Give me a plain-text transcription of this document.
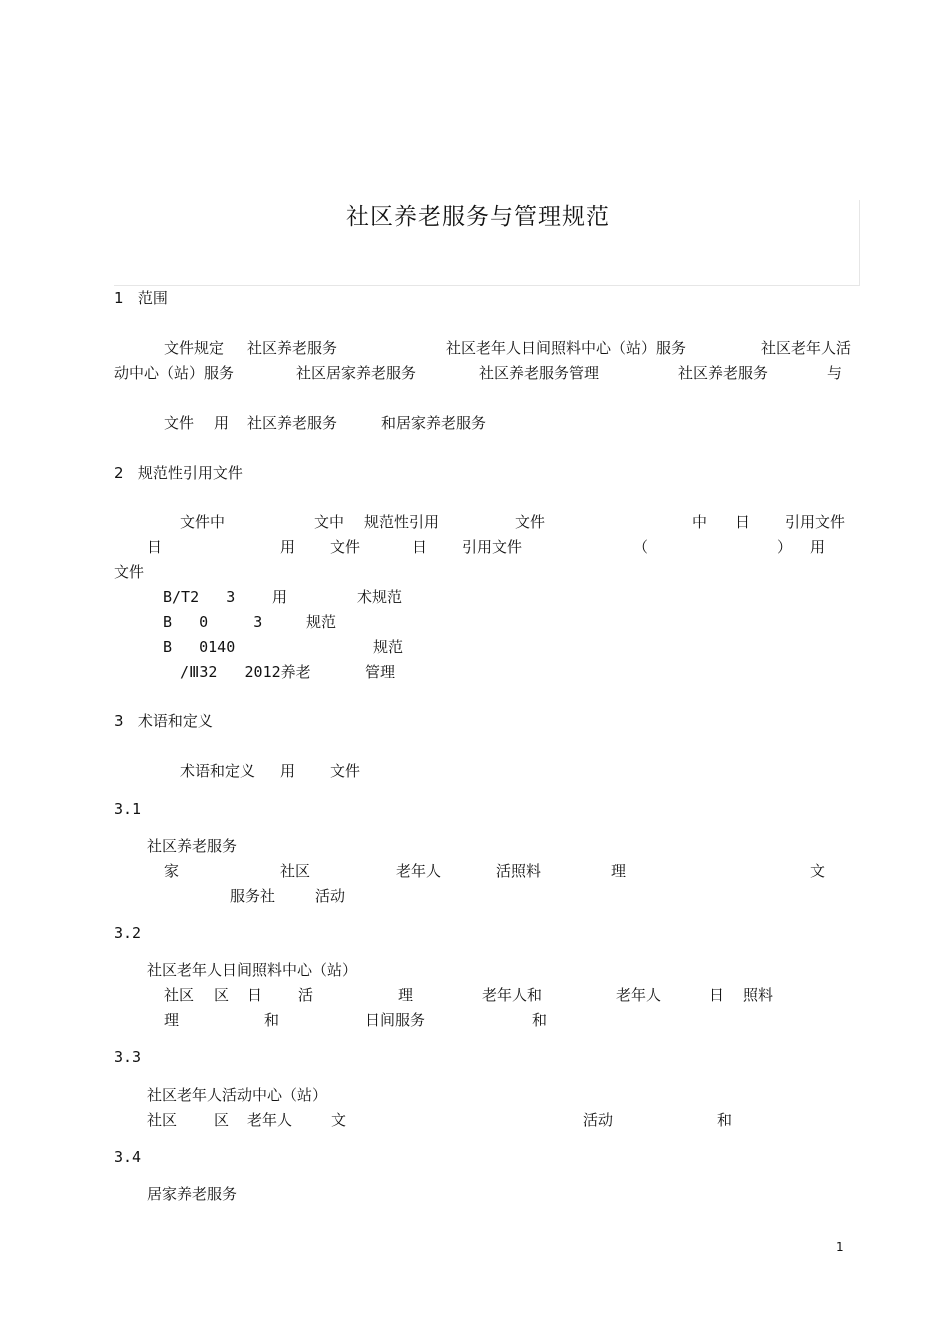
社区养老服务与管理规范
1   范围
文件规定 社区养老服务	社区老年人日间照料中心（站）服务	社区老年人活
动中心（站）服务	社区居家养老服务	社区养老服务管理	社区养老服务	与
文件 用 社区养老服务	和居家养老服务
2   规范性引用文件
文件中	文中 规范性引用	文件	中 日 引用文件
日	用 文件	日 引用文件	（	） 用
文件
B/T2   3 用	术规范
B   0     3	规范
B   0140	规范
/Ⅲ32   2012养老	管理
3   术语和定义
术语和定义 用 文件
3.1
社区养老服务
家	社区	老年人	活照料	理	文
服务社	活动
3.2
社区老年人日间照料中心（站）
社区 区 日 活	理	老年人和	老年人	日 照料
理	和	日间服务	和
3.3
社区老年人活动中心（站）
社区 区 老年人	文	活动	和
3.4
居家养老服务
1
